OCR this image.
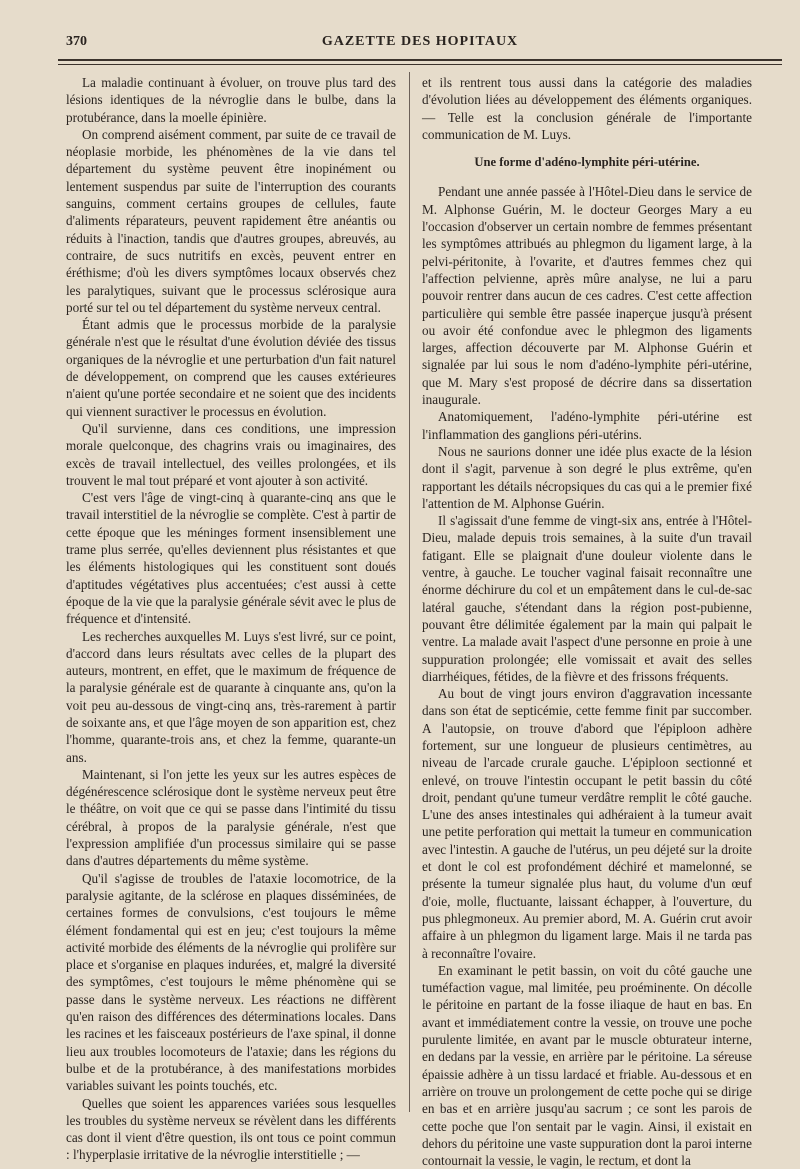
370	GAZETTE DES HOPITAUX

La maladie continuant à évoluer, on trouve plus tard des lésions identiques de la névroglie dans le bulbe, dans la protubérance, dans la moelle épinière.

On comprend aisément comment, par suite de ce travail de néoplasie morbide, les phénomènes de la vie dans tel département du système peuvent être inopinément ou lentement suspendus par suite de l'interruption des courants sanguins, comment certains groupes de cellules, faute d'aliments réparateurs, peuvent rapidement être anéantis ou réduits à l'inaction, tandis que d'autres groupes, abreuvés, au contraire, de sucs nutritifs en excès, peuvent entrer en éréthisme; d'où les divers symptômes locaux observés chez les paralytiques, suivant que le processus sclérosique aura porté sur tel ou tel département du système nerveux central.

Étant admis que le processus morbide de la paralysie générale n'est que le résultat d'une évolution déviée des tissus organiques de la névroglie et une perturbation d'un fait naturel de développement, on comprend que les causes extérieures n'aient qu'une portée secondaire et ne soient que des incidents qui viennent suractiver le processus en évolution.

Qu'il survienne, dans ces conditions, une impression morale quelconque, des chagrins vrais ou imaginaires, des excès de travail intellectuel, des veilles prolongées, et ils trouvent le mal tout préparé et vont ajouter à son activité.

C'est vers l'âge de vingt-cinq à quarante-cinq ans que le travail interstitiel de la névroglie se complète. C'est à partir de cette époque que les méninges forment insensiblement une trame plus serrée, qu'elles deviennent plus résistantes et que les éléments histologiques qui les constituent sont doués d'aptitudes végétatives plus accentuées; c'est aussi à cette époque de la vie que la paralysie générale sévit avec le plus de fréquence et d'intensité.

Les recherches auxquelles M. Luys s'est livré, sur ce point, d'accord dans leurs résultats avec celles de la plupart des auteurs, montrent, en effet, que le maximum de fréquence de la paralysie générale est de quarante à cinquante ans, qu'on la voit peu au-dessous de vingt-cinq ans, très-rarement à partir de soixante ans, et que l'âge moyen de son apparition est, chez l'homme, quarante-trois ans, et chez la femme, quarante-un ans.

Maintenant, si l'on jette les yeux sur les autres espèces de dégénérescence sclérosique dont le système nerveux peut être le théâtre, on voit que ce qui se passe dans l'intimité du tissu cérébral, à propos de la paralysie générale, n'est que l'expression amplifiée d'un processus similaire qui se passe dans d'autres départements du même système.

Qu'il s'agisse de troubles de l'ataxie locomotrice, de la paralysie agitante, de la sclérose en plaques disséminées, de certaines formes de convulsions, c'est toujours le même élément fondamental qui est en jeu; c'est toujours la même activité morbide des éléments de la névroglie qui prolifère sur place et s'organise en plaques indurées, et, malgré la diversité des symptômes, c'est toujours le même phénomène qui se passe dans le système nerveux. Les réactions ne diffèrent qu'en raison des différences des déterminations locales. Dans les racines et les faisceaux postérieurs de l'axe spinal, il donne lieu aux troubles locomoteurs de l'ataxie; dans les régions du bulbe et de la protubérance, à des manifestations morbides variables suivant les points touchés, etc.

Quelles que soient les apparences variées sous lesquelles les troubles du système nerveux se révèlent dans les différents cas dont il vient d'être question, ils ont tous ce point commun : l'hyperplasie irritative de la névroglie interstitielle ; —

et ils rentrent tous aussi dans la catégorie des maladies d'évolution liées au développement des éléments organiques. — Telle est la conclusion générale de l'importante communication de M. Luys.

Une forme d'adéno-lymphite péri-utérine.

Pendant une année passée à l'Hôtel-Dieu dans le service de M. Alphonse Guérin, M. le docteur Georges Mary a eu l'occasion d'observer un certain nombre de femmes présentant les symptômes attribués au phlegmon du ligament large, à la pelvi-péritonite, à l'ovarite, et d'autres femmes chez qui l'affection pelvienne, après mûre analyse, ne lui a paru pouvoir rentrer dans aucun de ces cadres. C'est cette affection particulière qui semble être passée inaperçue jusqu'à présent ou avoir été confondue avec le phlegmon des ligaments larges, affection découverte par M. Alphonse Guérin et signalée par lui sous le nom d'adéno-lymphite péri-utérine, que M. Mary s'est proposé de décrire dans sa dissertation inaugurale.

Anatomiquement, l'adéno-lymphite péri-utérine est l'inflammation des ganglions péri-utérins.

Nous ne saurions donner une idée plus exacte de la lésion dont il s'agit, parvenue à son degré le plus extrême, qu'en rapportant les détails nécropsiques du cas qui a le premier fixé l'attention de M. Alphonse Guérin.

Il s'agissait d'une femme de vingt-six ans, entrée à l'Hôtel-Dieu, malade depuis trois semaines, à la suite d'un travail fatigant. Elle se plaignait d'une douleur violente dans le ventre, à gauche. Le toucher vaginal faisait reconnaître une énorme déchirure du col et un empâtement dans le cul-de-sac latéral gauche, s'étendant dans la région post-pubienne, pouvant être délimitée également par la main qui palpait le ventre. La malade avait l'aspect d'une personne en proie à une suppuration prolongée; elle vomissait et avait des selles diarrhéiques, fétides, de la fièvre et des frissons fréquents.

Au bout de vingt jours environ d'aggravation incessante dans son état de septicémie, cette femme finit par succomber. A l'autopsie, on trouve d'abord que l'épiploon adhère fortement, sur une longueur de plusieurs centimètres, au niveau de l'arcade crurale gauche. L'épiploon sectionné et enlevé, on trouve l'intestin occupant le petit bassin du côté droit, pendant qu'une tumeur verdâtre remplit le côté gauche. L'une des anses intestinales qui adhéraient à la tumeur avait une petite perforation qui mettait la tumeur en communication avec l'intestin. A gauche de l'utérus, un peu déjeté sur la droite et dont le col est profondément déchiré et mamelonné, se présente la tumeur signalée plus haut, du volume d'un œuf d'oie, molle, fluctuante, laissant échapper, à l'ouverture, du pus phlegmoneux. Au premier abord, M. A. Guérin crut avoir affaire à un phlegmon du ligament large. Mais il ne tarda pas à reconnaître l'ovaire.

En examinant le petit bassin, on voit du côté gauche une tuméfaction vague, mal limitée, peu proéminente. On décolle le péritoine en partant de la fosse iliaque de haut en bas. En avant et immédiatement contre la vessie, on trouve une poche purulente limitée, en avant par le muscle obturateur interne, en dedans par la vessie, en arrière par le péritoine. La séreuse épaissie adhère à un tissu lardacé et friable. Au-dessous et en arrière on trouve un prolongement de cette poche qui se dirige en bas et en arrière jusqu'au sacrum ; ce sont les parois de cette poche que l'on sentait par le vagin. Ainsi, il existait en dehors du péritoine une vaste suppuration dont la paroi interne contournait la vessie, le vagin, le rectum, et dont la
